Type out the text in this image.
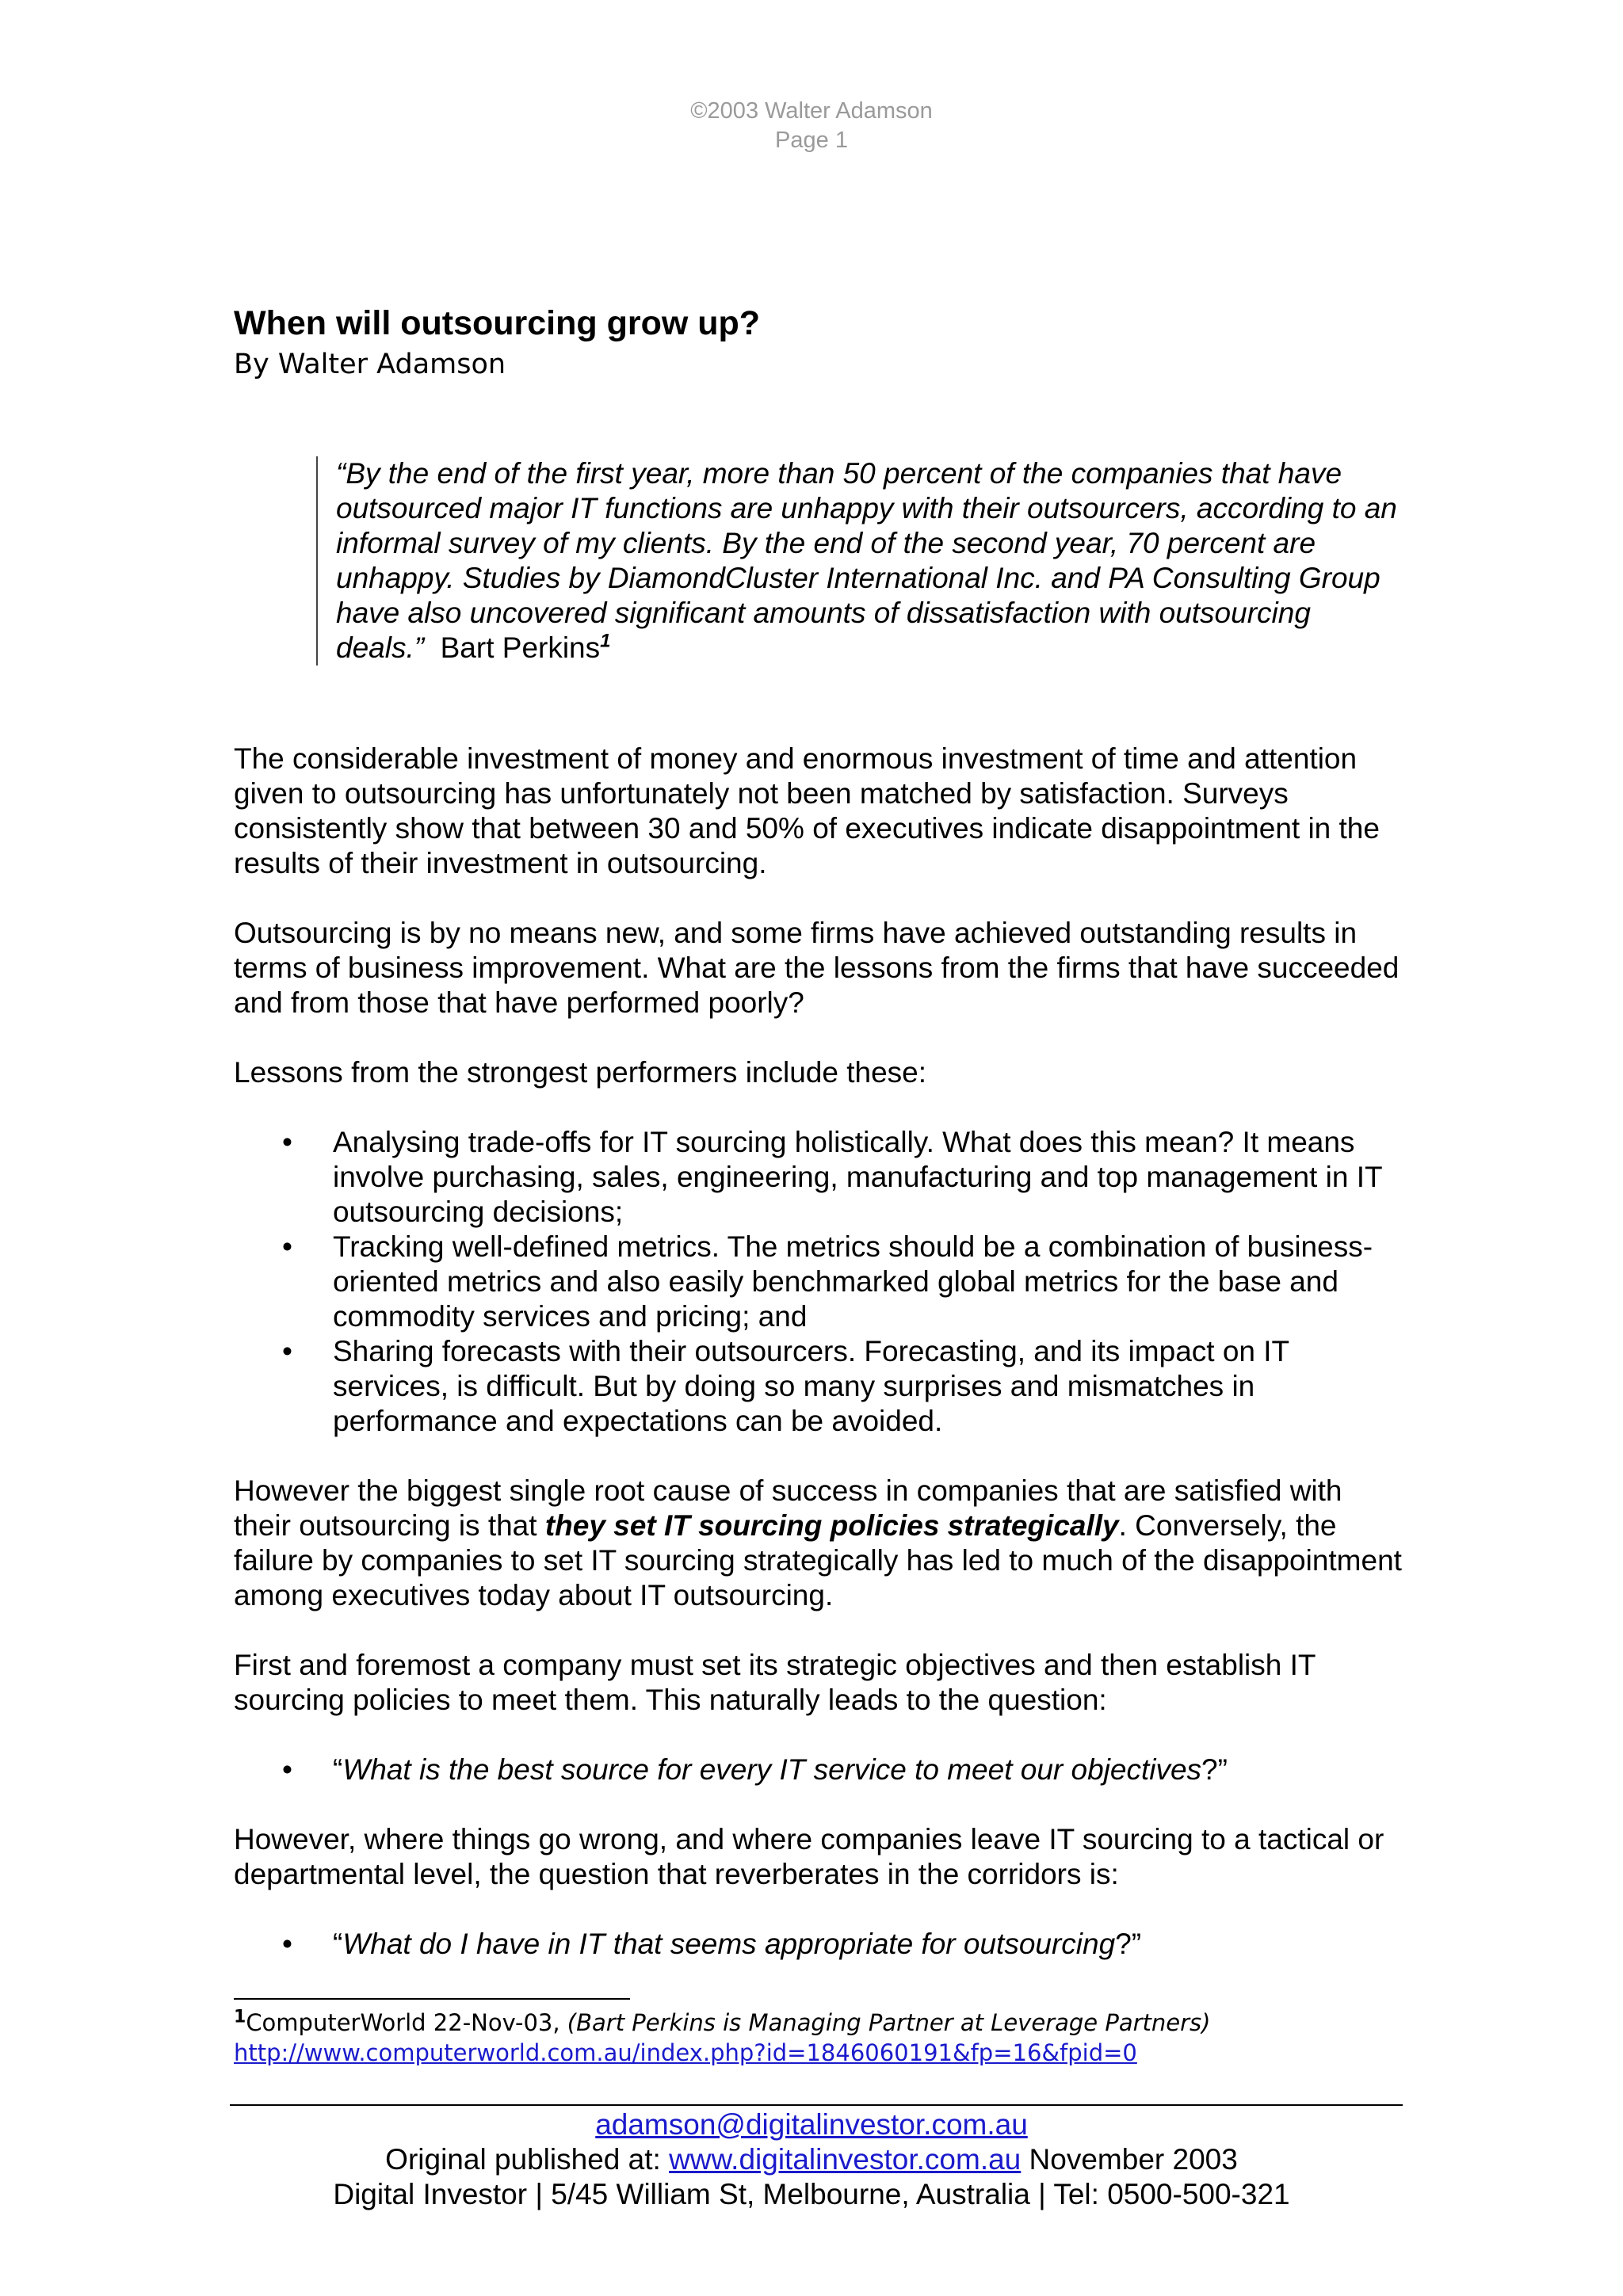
©2003 Walter Adamson
Page 1
When will outsourcing grow up?
By Walter Adamson
“By the end of the first year, more than 50 percent of the companies that have outsourced major IT functions are unhappy with their outsourcers, according to an informal survey of my clients. By the end of the second year, 70 percent are unhappy. Studies by DiamondCluster International Inc. and PA Consulting Group have also uncovered significant amounts of dissatisfaction with outsourcing deals.” Bart Perkins$^1$

The considerable investment of money and enormous investment of time and attention given to outsourcing has unfortunately not been matched by satisfaction. Surveys consistently show that between 30 and 50% of executives indicate disappointment in the results of their investment in outsourcing.

Outsourcing is by no means new, and some firms have achieved outstanding results in terms of business improvement. What are the lessons from the firms that have succeeded and from those that have performed poorly?

Lessons from the strongest performers include these:

• Analysing trade-offs for IT sourcing holistically. What does this mean? It means involve purchasing, sales, engineering, manufacturing and top management in IT outsourcing decisions;
• Tracking well-defined metrics. The metrics should be a combination of business-oriented metrics and also easily benchmarked global metrics for the base and commodity services and pricing; and
• Sharing forecasts with their outsourcers. Forecasting, and its impact on IT services, is difficult. But by doing so many surprises and mismatches in performance and expectations can be avoided.

However the biggest single root cause of success in companies that are satisfied with their outsourcing is that they set IT sourcing policies strategically. Conversely, the failure by companies to set IT sourcing strategically has led to much of the disappointment among executives today about IT outsourcing.

First and foremost a company must set its strategic objectives and then establish IT sourcing policies to meet them. This naturally leads to the question:

• “What is the best source for every IT service to meet our objectives?”

However, where things go wrong, and where companies leave IT sourcing to a tactical or departmental level, the question that reverberates in the corridors is:

• “What do I have in IT that seems appropriate for outsourcing?”
$^1$ComputerWorld 22-Nov-03, (Bart Perkins is Managing Partner at Leverage Partners)
http://www.computerworld.com.au/index.php?id=1846060191&fp=16&fpid=0
adamson@digitalinvestor.com.au
Original published at: www.digitalinvestor.com.au November 2003
Digital Investor | 5/45 William St, Melbourne, Australia | Tel: 0500-500-321
